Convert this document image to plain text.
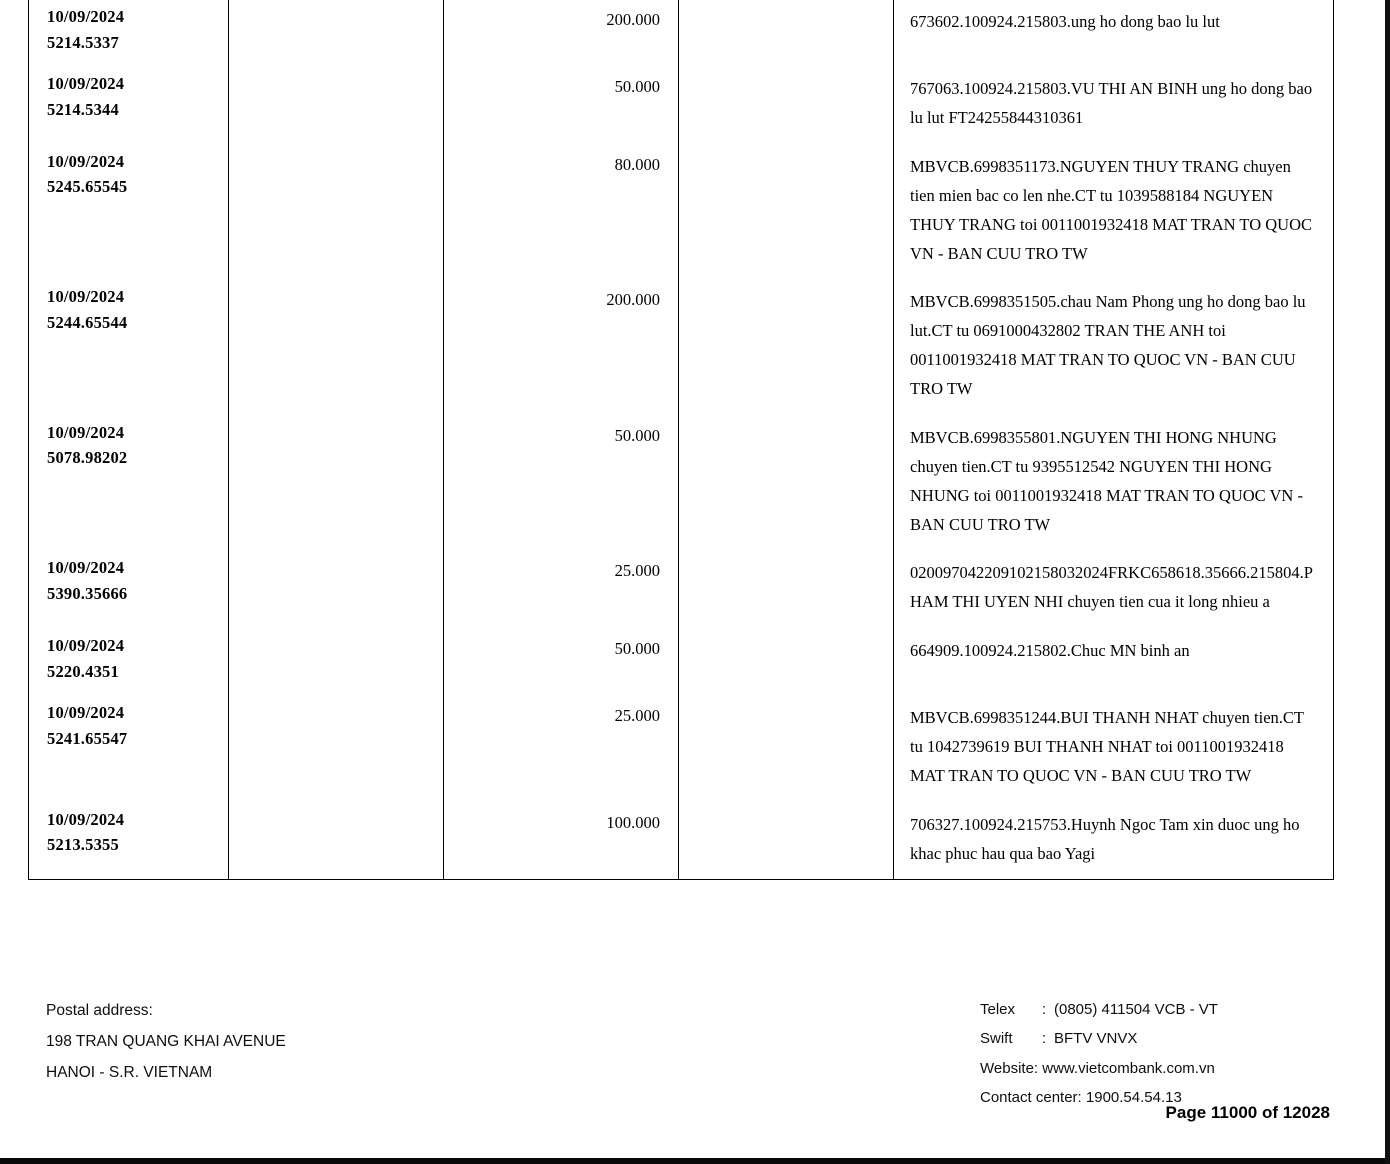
10/09/2024
5214.5337		200.000		673602.100924.215803.ung ho dong bao lu lut

10/09/2024
5214.5344		50.000		767063.100924.215803.VU THI AN BINH ung ho dong bao lu lut FT24255844310361

10/09/2024
5245.65545		80.000		MBVCB.6998351173.NGUYEN THUY TRANG chuyen tien mien bac co len nhe.CT tu 1039588184 NGUYEN THUY TRANG toi 0011001932418 MAT TRAN TO QUOC VN - BAN CUU TRO TW

10/09/2024
5244.65544		200.000		MBVCB.6998351505.chau Nam Phong ung ho dong bao lu lut.CT tu 0691000432802 TRAN THE ANH toi 0011001932418 MAT TRAN TO QUOC VN - BAN CUU TRO TW

10/09/2024
5078.98202		50.000		MBVCB.6998355801.NGUYEN THI HONG NHUNG chuyen tien.CT tu 9395512542 NGUYEN THI HONG NHUNG toi 0011001932418 MAT TRAN TO QUOC VN - BAN CUU TRO TW

10/09/2024
5390.35666		25.000		020097042209102158032024FRKC658618.35666.215804.PHAM THI UYEN NHI chuyen tien cua it long nhieu a

10/09/2024
5220.4351		50.000		664909.100924.215802.Chuc MN binh an

10/09/2024
5241.65547		25.000		MBVCB.6998351244.BUI THANH NHAT chuyen tien.CT tu 1042739619 BUI THANH NHAT toi 0011001932418 MAT TRAN TO QUOC VN - BAN CUU TRO TW

10/09/2024
5213.5355		100.000		706327.100924.215753.Huynh Ngoc Tam xin duoc ung ho khac phuc hau qua bao Yagi
Postal address:
198 TRAN QUANG KHAI AVENUE
HANOI - S.R. VIETNAM
Telex : (0805) 411504 VCB - VT
Swift : BFTV VNVX
Website: www.vietcombank.com.vn
Contact center: 1900.54.54.13
Page 11000 of 12028
